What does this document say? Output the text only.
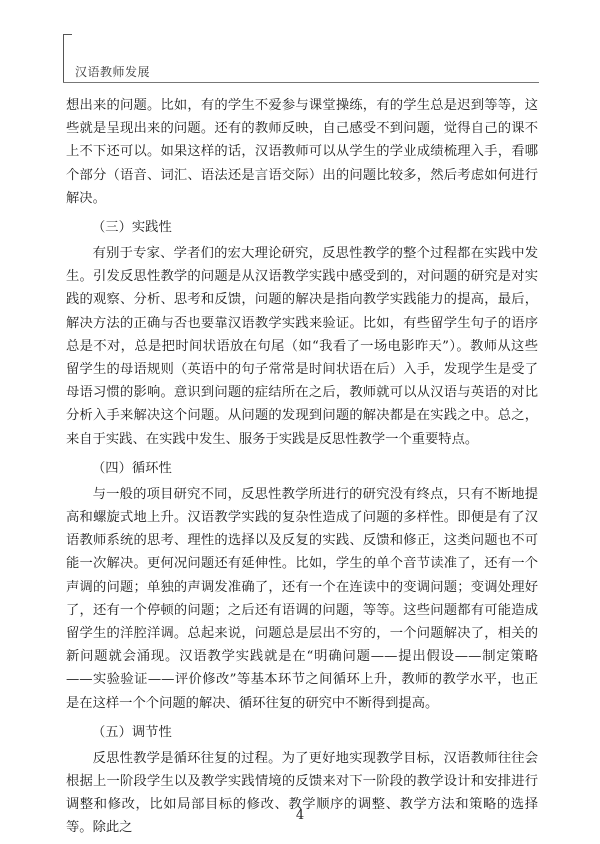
汉语教师发展

想出来的问题。比如，有的学生不爱参与课堂操练，有的学生总是迟到等等，这些就是呈现出来的问题。还有的教师反映，自己感受不到问题，觉得自己的课不上不下还可以。如果这样的话，汉语教师可以从学生的学业成绩梳理入手，看哪个部分（语音、词汇、语法还是言语交际）出的问题比较多，然后考虑如何进行解决。

（三）实践性

有别于专家、学者们的宏大理论研究，反思性教学的整个过程都在实践中发生。引发反思性教学的问题是从汉语教学实践中感受到的，对问题的研究是对实践的观察、分析、思考和反馈，问题的解决是指向教学实践能力的提高，最后，解决方法的正确与否也要靠汉语教学实践来验证。比如，有些留学生句子的语序总是不对，总是把时间状语放在句尾（如“我看了一场电影昨天”）。教师从这些留学生的母语规则（英语中的句子常常是时间状语在后）入手，发现学生是受了母语习惯的影响。意识到问题的症结所在之后，教师就可以从汉语与英语的对比分析入手来解决这个问题。从问题的发现到问题的解决都是在实践之中。总之，来自于实践、在实践中发生、服务于实践是反思性教学一个重要特点。

（四）循环性

与一般的项目研究不同，反思性教学所进行的研究没有终点，只有不断地提高和螺旋式地上升。汉语教学实践的复杂性造成了问题的多样性。即便是有了汉语教师系统的思考、理性的选择以及反复的实践、反馈和修正，这类问题也不可能一次解决。更何况问题还有延伸性。比如，学生的单个音节读准了，还有一个声调的问题；单独的声调发准确了，还有一个在连读中的变调问题；变调处理好了，还有一个停顿的问题；之后还有语调的问题，等等。这些问题都有可能造成留学生的洋腔洋调。总起来说，问题总是层出不穷的，一个问题解决了，相关的新问题就会涌现。汉语教学实践就是在“明确问题——提出假设——制定策略——实验验证——评价修改”等基本环节之间循环上升，教师的教学水平，也正是在这样一个个问题的解决、循环往复的研究中不断得到提高。

（五）调节性

反思性教学是循环往复的过程。为了更好地实现教学目标，汉语教师往往会根据上一阶段学生以及教学实践情境的反馈来对下一阶段的教学设计和安排进行调整和修改，比如局部目标的修改、教学顺序的调整、教学方法和策略的选择等。除此之

4
